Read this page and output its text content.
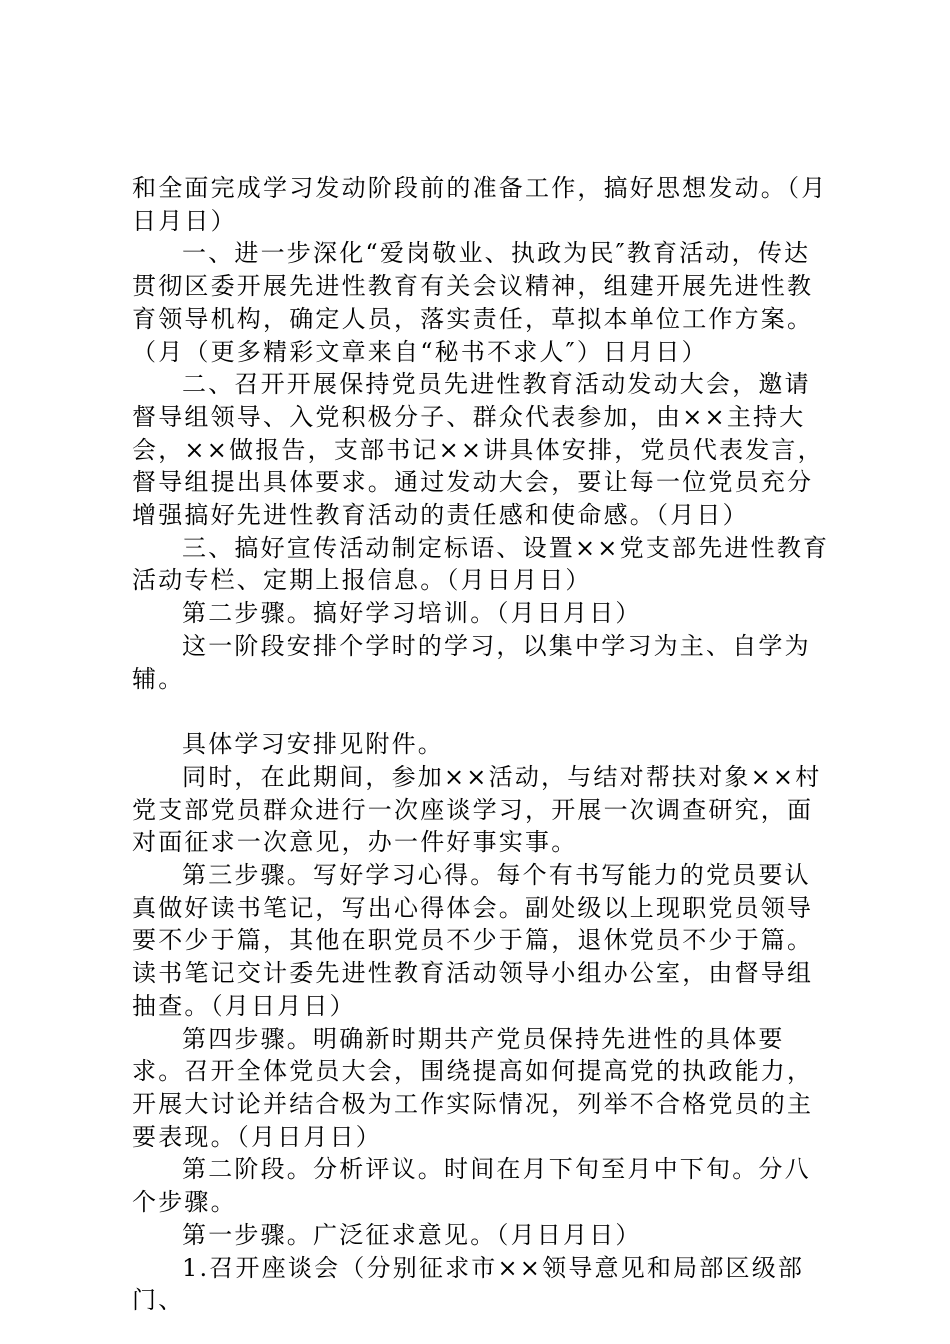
和全面完成学习发动阶段前的准备工作，搞好思想发动。（月日月日）

一、进一步深化“爱岗敬业、执政为民″教育活动，传达贯彻区委开展先进性教育有关会议精神，组建开展先进性教育领导机构，确定人员，落实责任，草拟本单位工作方案。（月（更多精彩文章来自“秘书不求人″）日月日）

二、召开开展保持党员先进性教育活动发动大会，邀请督导组领导、入党积极分子、群众代表参加，由××主持大会，××做报告，支部书记××讲具体安排，党员代表发言，督导组提出具体要求。通过发动大会，要让每一位党员充分增强搞好先进性教育活动的责任感和使命感。（月日）

三、搞好宣传活动制定标语、设置××党支部先进性教育活动专栏、定期上报信息。（月日月日）

第二步骤。搞好学习培训。（月日月日）

这一阶段安排个学时的学习，以集中学习为主、自学为辅。

具体学习安排见附件。

同时，在此期间，参加××活动，与结对帮扶对象××村党支部党员群众进行一次座谈学习，开展一次调查研究，面对面征求一次意见，办一件好事实事。

第三步骤。写好学习心得。每个有书写能力的党员要认真做好读书笔记，写出心得体会。副处级以上现职党员领导要不少于篇，其他在职党员不少于篇，退休党员不少于篇。读书笔记交计委先进性教育活动领导小组办公室，由督导组抽查。（月日月日）

第四步骤。明确新时期共产党员保持先进性的具体要求。召开全体党员大会，围绕提高如何提高党的执政能力，开展大讨论并结合极为工作实际情况，列举不合格党员的主要表现。（月日月日）

第二阶段。分析评议。时间在月下旬至月中下旬。分八个步骤。

第一步骤。广泛征求意见。（月日月日）

1.召开座谈会（分别征求市××领导意见和局部区级部门、
